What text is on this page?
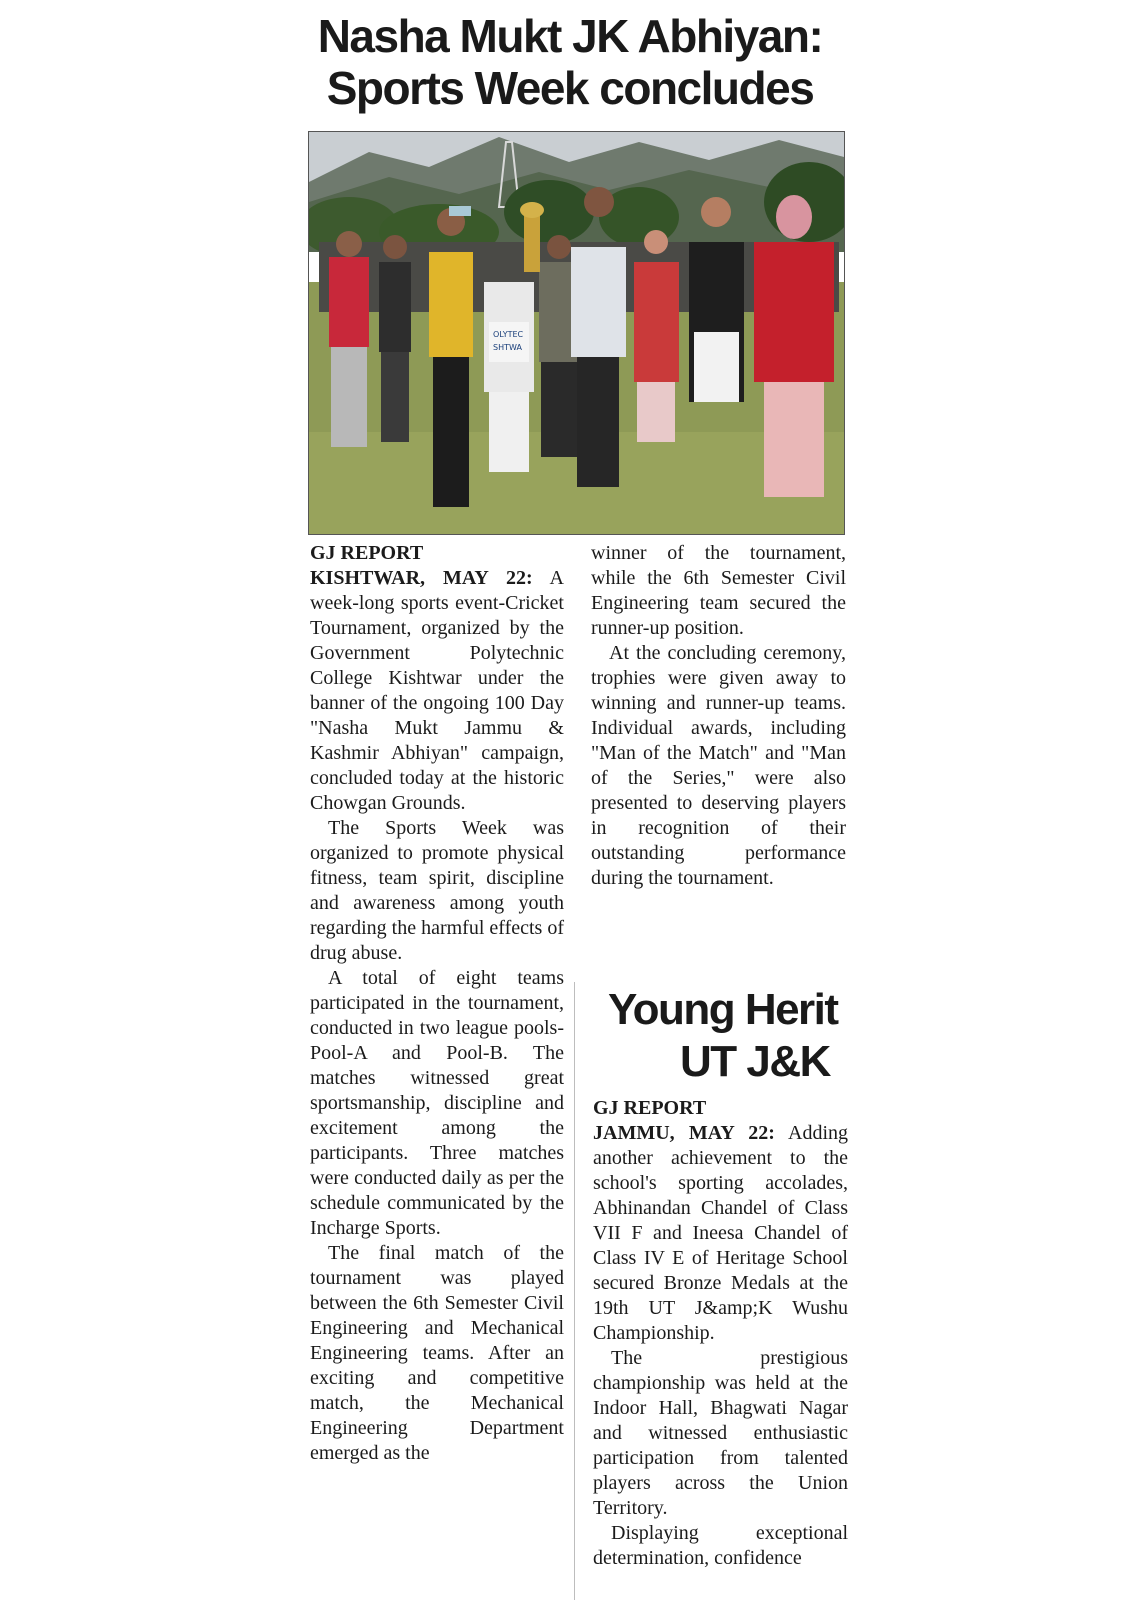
Nasha Mukt JK Abhiyan:
Sports Week concludes
OLYTEC
SHTWA
GJ REPORT

KISHTWAR, MAY 22: A week-long sports event-Cricket Tournament, organized by the Government Polytechnic College Kishtwar under the banner of the ongoing 100 Day "Nasha Mukt Jammu & Kashmir Abhiyan" campaign, concluded today at the historic Chowgan Grounds.

The Sports Week was organized to promote physical fitness, team spirit, discipline and awareness among youth regarding the harmful effects of drug abuse.

A total of eight teams participated in the tournament, conducted in two league pools- Pool-A and Pool-B. The matches witnessed great sportsmanship, discipline and excitement among the participants. Three matches were conducted daily as per the schedule communicated by the Incharge Sports.

The final match of the tournament was played between the 6th Semester Civil Engineering and Mechanical Engineering teams. After an exciting and competitive match, the Mechanical Engineering Department emerged as the

winner of the tournament, while the 6th Semester Civil Engineering team secured the runner-up position.

At the concluding ceremony, trophies were given away to winning and runner-up teams. Individual awards, including "Man of the Match" and "Man of the Series," were also presented to deserving players in recognition of their outstanding performance during the tournament.

Young Herit
UT J&K
GJ REPORT

JAMMU, MAY 22: Adding another achievement to the school's sporting accolades, Abhinandan Chandel of Class VII F and Ineesa Chandel of Class IV E of Heritage School secured Bronze Medals at the 19th UT J&amp;K Wushu Championship.

The prestigious championship was held at the Indoor Hall, Bhagwati Nagar and witnessed enthusiastic participation from talented players across the Union Territory.

Displaying exceptional determination, confidence
